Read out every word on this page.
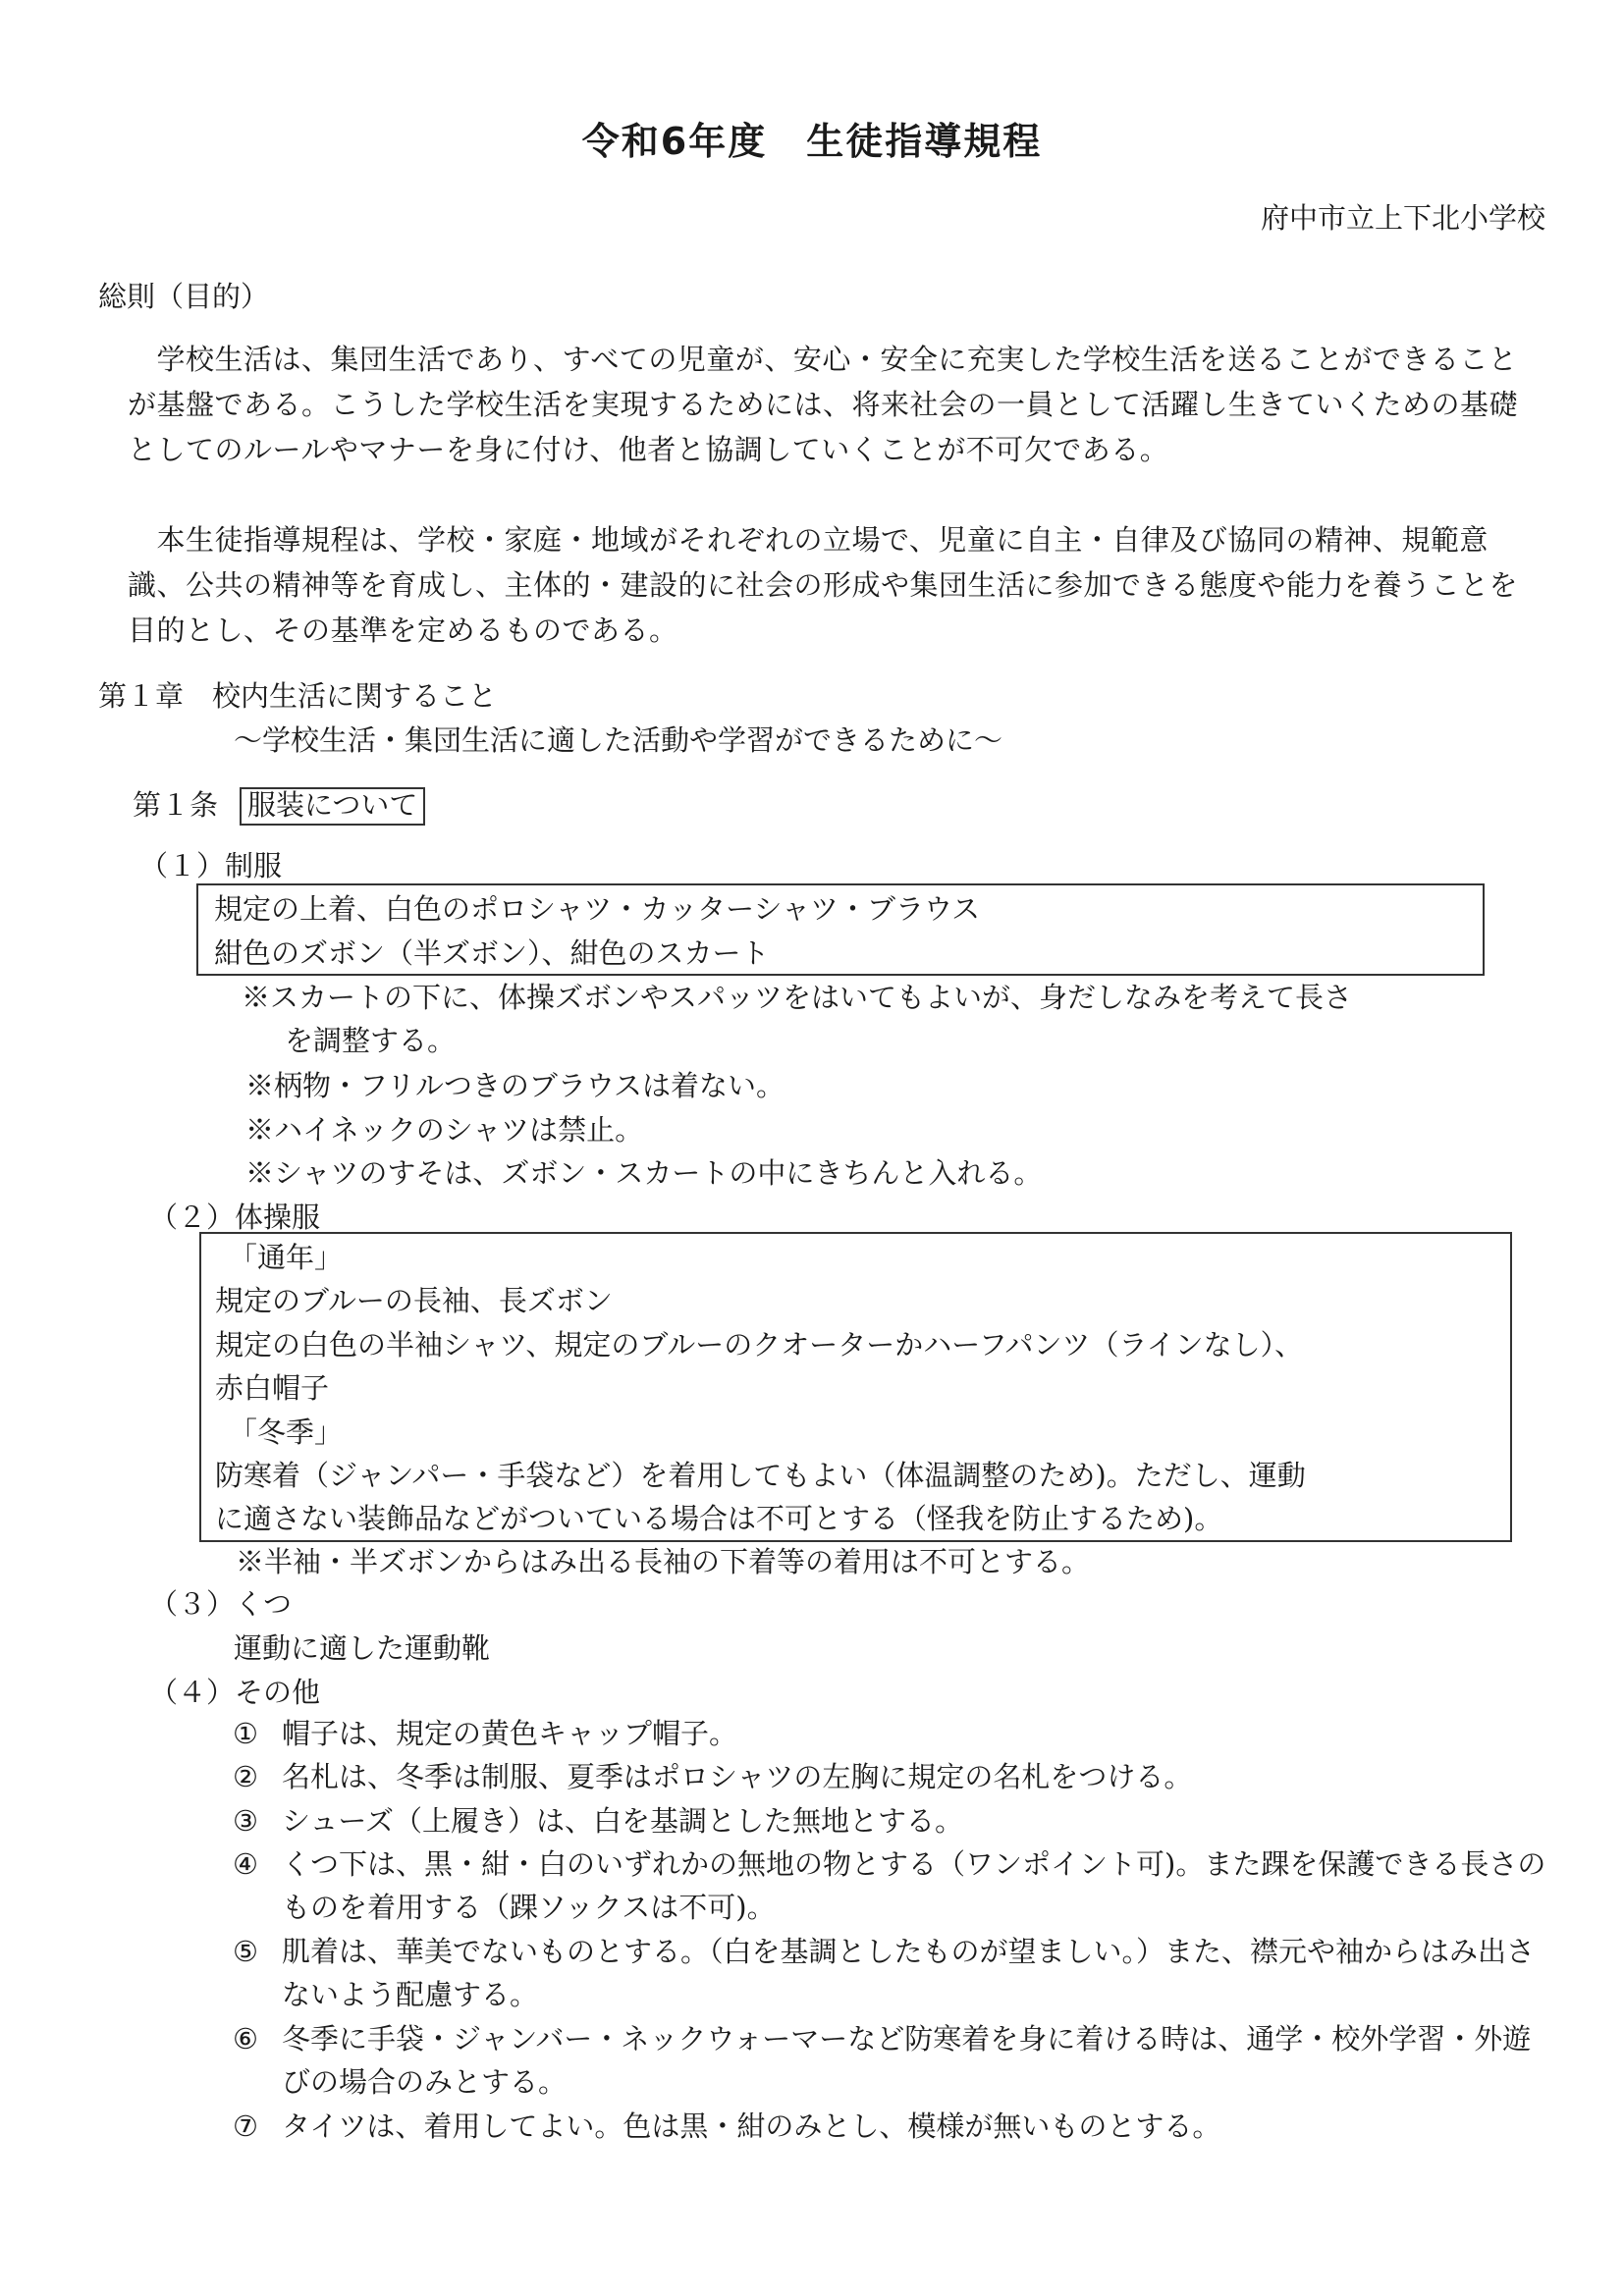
令和6年度　生徒指導規程
府中市立上下北小学校
総則（目的）
　学校生活は、集団生活であり、すべての児童が、安心・安全に充実した学校生活を送ることができることが基盤である。こうした学校生活を実現するためには、将来社会の一員として活躍し生きていくための基礎としてのルールやマナーを身に付け、他者と協調していくことが不可欠である。
　本生徒指導規程は、学校・家庭・地域がそれぞれの立場で、児童に自主・自律及び協同の精神、規範意識、公共の精神等を育成し、主体的・建設的に社会の形成や集団生活に参加できる態度や能力を養うことを目的とし、その基準を定めるものである。
第１章　校内生活に関すること
～学校生活・集団生活に適した活動や学習ができるために～
第１条 服装について
（１）制服
規定の上着、白色のポロシャツ・カッターシャツ・ブラウス
紺色のズボン（半ズボン）、紺色のスカート
※スカートの下に、体操ズボンやスパッツをはいてもよいが、身だしなみを考えて長さ
を調整する。
※柄物・フリルつきのブラウスは着ない。
※ハイネックのシャツは禁止。
※シャツのすそは、ズボン・スカートの中にきちんと入れる。
（２）体操服
「通年」
規定のブルーの長袖、長ズボン
規定の白色の半袖シャツ、規定のブルーのクオーターかハーフパンツ（ラインなし）、
赤白帽子
「冬季」
防寒着（ジャンパー・手袋など）を着用してもよい（体温調整のため)。ただし、運動
に適さない装飾品などがついている場合は不可とする（怪我を防止するため)。
※半袖・半ズボンからはみ出る長袖の下着等の着用は不可とする。
（３）くつ
運動に適した運動靴
（４）その他
① 帽子は、規定の黄色キャップ帽子。
② 名札は、冬季は制服、夏季はポロシャツの左胸に規定の名札をつける。
③ シューズ（上履き）は、白を基調とした無地とする。
④ くつ下は、黒・紺・白のいずれかの無地の物とする（ワンポイント可)。また踝を保護できる長さのものを着用する（踝ソックスは不可)。
⑤ 肌着は、華美でないものとする。（白を基調としたものが望ましい。）また、襟元や袖からはみ出さないよう配慮する。
⑥ 冬季に手袋・ジャンバー・ネックウォーマーなど防寒着を身に着ける時は、通学・校外学習・外遊びの場合のみとする。
⑦ タイツは、着用してよい。色は黒・紺のみとし、模様が無いものとする。
